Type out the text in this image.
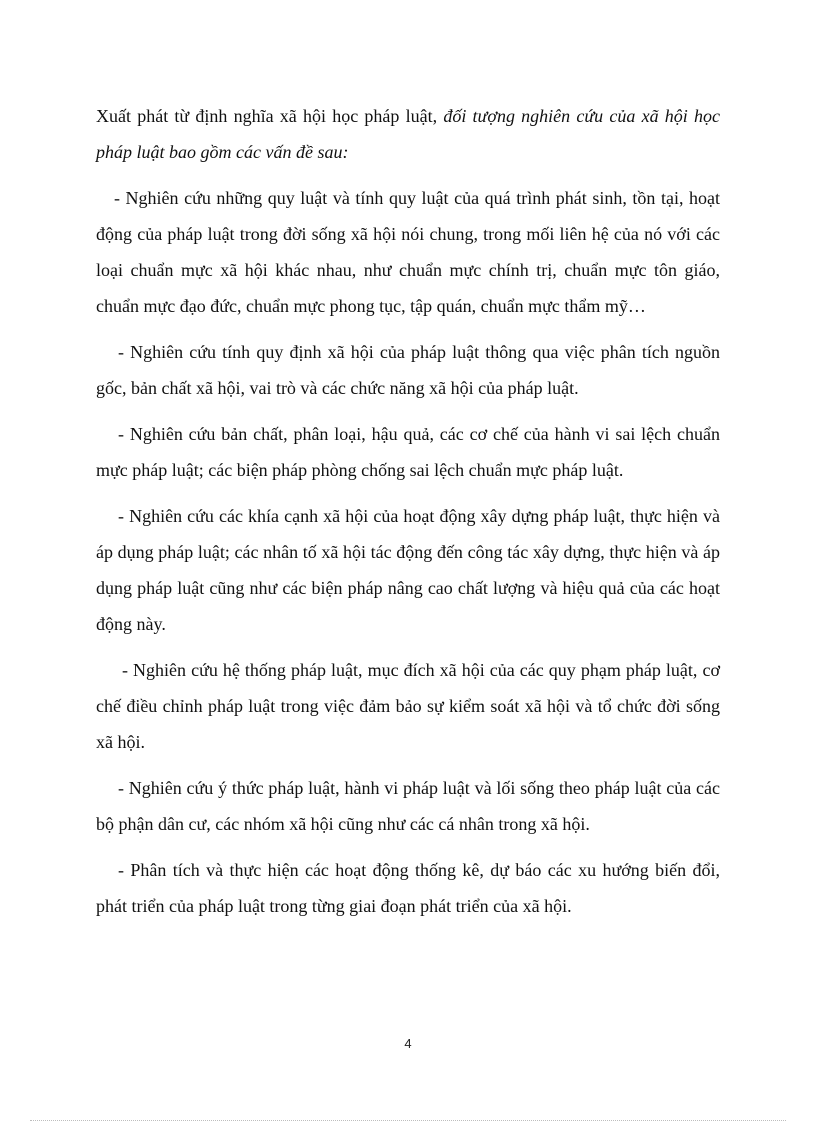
Xuất phát từ định nghĩa xã hội học pháp luật, đối tượng nghiên cứu của xã hội học pháp luật bao gồm các vấn đề sau:

- Nghiên cứu những quy luật và tính quy luật của quá trình phát sinh, tồn tại, hoạt động của pháp luật trong đời sống xã hội nói chung, trong mối liên hệ của nó với các loại chuẩn mực xã hội khác nhau, như chuẩn mực chính trị, chuẩn mực tôn giáo, chuẩn mực đạo đức, chuẩn mực phong tục, tập quán, chuẩn mực thẩm mỹ…

- Nghiên cứu tính quy định xã hội của pháp luật thông qua việc phân tích nguồn gốc, bản chất xã hội, vai trò và các chức năng xã hội của pháp luật.

- Nghiên cứu bản chất, phân loại, hậu quả, các cơ chế của hành vi sai lệch chuẩn mực pháp luật; các biện pháp phòng chống sai lệch chuẩn mực pháp luật.

- Nghiên cứu các khía cạnh xã hội của hoạt động xây dựng pháp luật, thực hiện và áp dụng pháp luật; các nhân tố xã hội tác động đến công tác xây dựng, thực hiện và áp dụng pháp luật cũng như các biện pháp nâng cao chất lượng và hiệu quả của các hoạt động này.

- Nghiên cứu hệ thống pháp luật, mục đích xã hội của các quy phạm pháp luật, cơ chế điều chỉnh pháp luật trong việc đảm bảo sự kiểm soát xã hội và tổ chức đời sống xã hội.

- Nghiên cứu ý thức pháp luật, hành vi pháp luật và lối sống theo pháp luật của các bộ phận dân cư, các nhóm xã hội cũng như các cá nhân trong xã hội.

- Phân tích và thực hiện các hoạt động thống kê, dự báo các xu hướng biến đổi, phát triển của pháp luật trong từng giai đoạn phát triển của xã hội.

4
